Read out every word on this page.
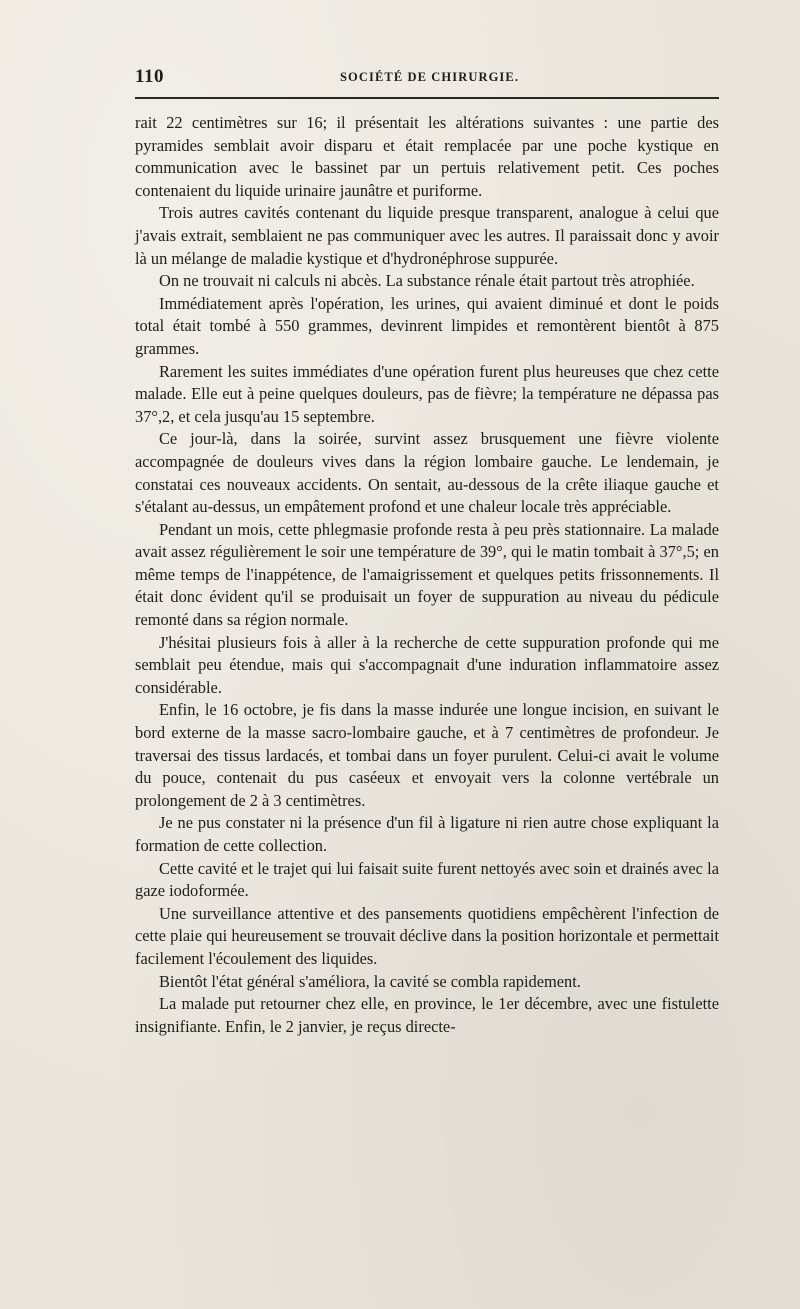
110	SOCIÉTÉ DE CHIRURGIE.

rait 22 centimètres sur 16; il présentait les altérations suivantes : une partie des pyramides semblait avoir disparu et était remplacée par une poche kystique en communication avec le bassinet par un pertuis relativement petit. Ces poches contenaient du liquide urinaire jaunâtre et puriforme.

Trois autres cavités contenant du liquide presque transparent, analogue à celui que j'avais extrait, semblaient ne pas communiquer avec les autres. Il paraissait donc y avoir là un mélange de maladie kystique et d'hydronéphrose suppurée.

On ne trouvait ni calculs ni abcès. La substance rénale était partout très atrophiée.

Immédiatement après l'opération, les urines, qui avaient diminué et dont le poids total était tombé à 550 grammes, devinrent limpides et remontèrent bientôt à 875 grammes.

Rarement les suites immédiates d'une opération furent plus heureuses que chez cette malade. Elle eut à peine quelques douleurs, pas de fièvre; la température ne dépassa pas 37°,2, et cela jusqu'au 15 septembre.

Ce jour-là, dans la soirée, survint assez brusquement une fièvre violente accompagnée de douleurs vives dans la région lombaire gauche. Le lendemain, je constatai ces nouveaux accidents. On sentait, au-dessous de la crête iliaque gauche et s'étalant au-dessus, un empâtement profond et une chaleur locale très appréciable.

Pendant un mois, cette phlegmasie profonde resta à peu près stationnaire. La malade avait assez régulièrement le soir une température de 39°, qui le matin tombait à 37°,5; en même temps de l'inappétence, de l'amaigrissement et quelques petits frissonnements. Il était donc évident qu'il se produisait un foyer de suppuration au niveau du pédicule remonté dans sa région normale.

J'hésitai plusieurs fois à aller à la recherche de cette suppuration profonde qui me semblait peu étendue, mais qui s'accompagnait d'une induration inflammatoire assez considérable.

Enfin, le 16 octobre, je fis dans la masse indurée une longue incision, en suivant le bord externe de la masse sacro-lombaire gauche, et à 7 centimètres de profondeur. Je traversai des tissus lardacés, et tombai dans un foyer purulent. Celui-ci avait le volume du pouce, contenait du pus caséeux et envoyait vers la colonne vertébrale un prolongement de 2 à 3 centimètres.

Je ne pus constater ni la présence d'un fil à ligature ni rien autre chose expliquant la formation de cette collection.

Cette cavité et le trajet qui lui faisait suite furent nettoyés avec soin et drainés avec la gaze iodoformée.

Une surveillance attentive et des pansements quotidiens empêchèrent l'infection de cette plaie qui heureusement se trouvait déclive dans la position horizontale et permettait facilement l'écoulement des liquides.

Bientôt l'état général s'améliora, la cavité se combla rapidement.

La malade put retourner chez elle, en province, le 1er décembre, avec une fistulette insignifiante. Enfin, le 2 janvier, je reçus directe-
